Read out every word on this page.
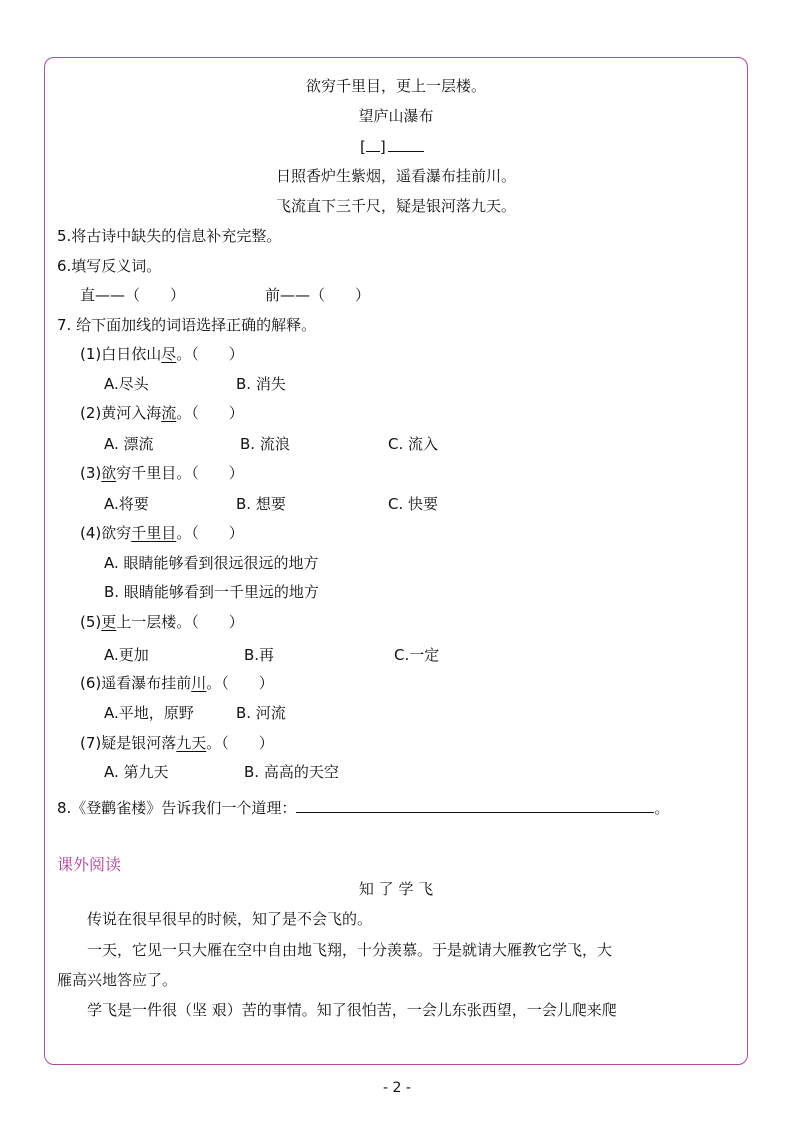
欲穷千里目，更上一层楼。
望庐山瀑布
[ ]
日照香炉生紫烟，遥看瀑布挂前川。
飞流直下三千尺，疑是银河落九天。
5.将古诗中缺失的信息补充完整。
6.填写反义词。
直——（　　）	前——（　　）
7. 给下面加线的词语选择正确的解释。
(1)白日依山尽。（　　）
A.尽头	B. 消失
(2)黄河入海流。（　　）
A. 漂流	B. 流浪	C. 流入
(3)欲穷千里目。（　　）
A.将要	B. 想要	C. 快要
(4)欲穷千里目。（　　）
A. 眼睛能够看到很远很远的地方
B. 眼睛能够看到一千里远的地方
(5)更上一层楼。（　　）
A.更加	B.再	C.一定
(6)遥看瀑布挂前川。（　　）
A.平地，原野	B. 河流
(7)疑是银河落九天。（　　）
A. 第九天	B. 高高的天空
8.《登鹳雀楼》告诉我们一个道理：	。
课外阅读
知 了 学 飞
传说在很早很早的时候，知了是不会飞的。
一天，它见一只大雁在空中自由地飞翔，十分羡慕。于是就请大雁教它学飞，大
雁高兴地答应了。
学飞是一件很（坚 艰）苦的事情。知了很怕苦，一会儿东张西望，一会儿爬来爬
- 2 -
